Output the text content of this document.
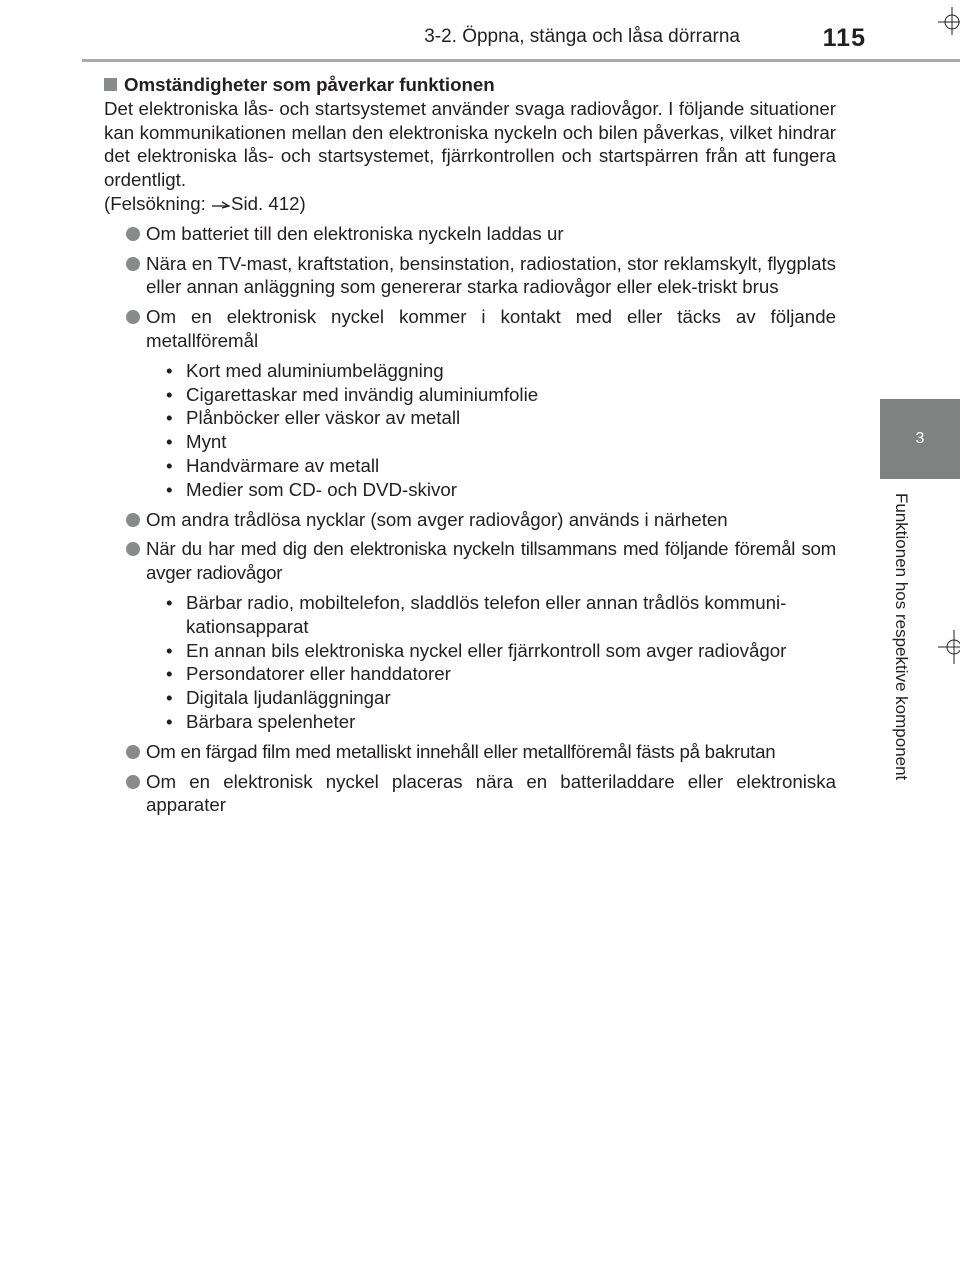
3-2. Öppna, stänga och låsa dörrarna	115
3
Funktionen hos respektive komponent

Omständigheter som påverkar funktionen

Det elektroniska lås- och startsystemet använder svaga radiovågor. I följande situationer kan kommunikationen mellan den elektroniska nyckeln och bilen påverkas, vilket hindrar det elektroniska lås- och startsystemet, fjärrkontrollen och startspärren från att fungera ordentligt.
(Felsökning: Sid. 412)

Om batteriet till den elektroniska nyckeln laddas ur
Nära en TV-mast, kraftstation, bensinstation, radiostation, stor reklamskylt, flygplats eller annan anläggning som genererar starka radiovågor eller elek-triskt brus
Om en elektronisk nyckel kommer i kontakt med eller täcks av följande metallföremål
• Kort med aluminiumbeläggning
• Cigarettaskar med invändig aluminiumfolie
• Plånböcker eller väskor av metall
• Mynt
• Handvärmare av metall
• Medier som CD- och DVD-skivor
Om andra trådlösa nycklar (som avger radiovågor) används i närheten
När du har med dig den elektroniska nyckeln tillsammans med följande föremål som avger radiovågor
• Bärbar radio, mobiltelefon, sladdlös telefon eller annan trådlös kommuni-kationsapparat
• En annan bils elektroniska nyckel eller fjärrkontroll som avger radiovågor
• Persondatorer eller handdatorer
• Digitala ljudanläggningar
• Bärbara spelenheter
Om en färgad film med metalliskt innehåll eller metallföremål fästs på bakrutan
Om en elektronisk nyckel placeras nära en batteriladdare eller elektroniska apparater
